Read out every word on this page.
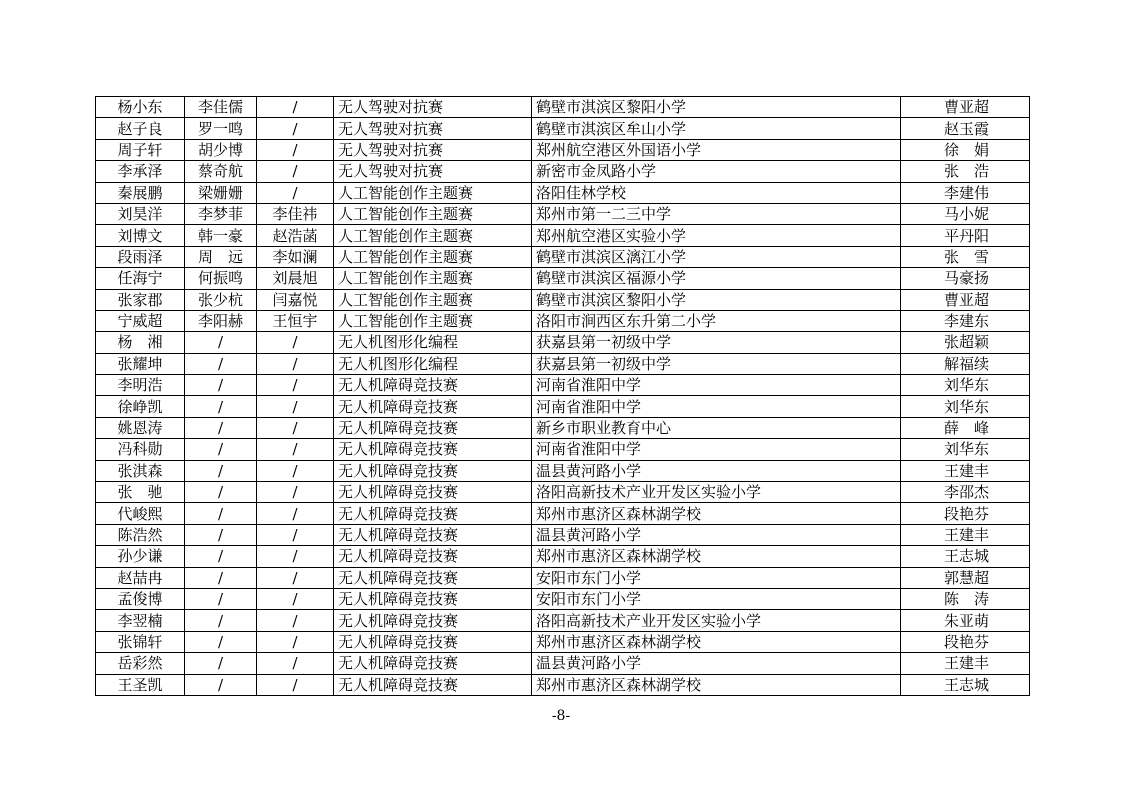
杨小东	李佳儒	/	无人驾驶对抗赛	鹤壁市淇滨区黎阳小学	曹亚超
赵子良	罗一鸣	/	无人驾驶对抗赛	鹤壁市淇滨区牟山小学	赵玉霞
周子轩	胡少博	/	无人驾驶对抗赛	郑州航空港区外国语小学	徐　娟
李承泽	蔡奇航	/	无人驾驶对抗赛	新密市金凤路小学	张　浩
秦展鹏	梁姗姗	/	人工智能创作主题赛	洛阳佳林学校	李建伟
刘昊洋	李梦菲	李佳祎	人工智能创作主题赛	郑州市第一二三中学	马小妮
刘博文	韩一豪	赵浩菡	人工智能创作主题赛	郑州航空港区实验小学	平丹阳
段雨泽	周　远	李如澜	人工智能创作主题赛	鹤壁市淇滨区漓江小学	张　雪
任海宁	何振鸣	刘晨旭	人工智能创作主题赛	鹤壁市淇滨区福源小学	马豪扬
张家郡	张少杭	闫嘉悦	人工智能创作主题赛	鹤壁市淇滨区黎阳小学	曹亚超
宁威超	李阳赫	王恒宇	人工智能创作主题赛	洛阳市涧西区东升第二小学	李建东
杨　湘	/	/	无人机图形化编程	获嘉县第一初级中学	张超颖
张耀坤	/	/	无人机图形化编程	获嘉县第一初级中学	解福续
李明浩	/	/	无人机障碍竞技赛	河南省淮阳中学	刘华东
徐峥凯	/	/	无人机障碍竞技赛	河南省淮阳中学	刘华东
姚恩涛	/	/	无人机障碍竞技赛	新乡市职业教育中心	薛　峰
冯科勋	/	/	无人机障碍竞技赛	河南省淮阳中学	刘华东
张淇森	/	/	无人机障碍竞技赛	温县黄河路小学	王建丰
张　驰	/	/	无人机障碍竞技赛	洛阳高新技术产业开发区实验小学	李邵杰
代峻熙	/	/	无人机障碍竞技赛	郑州市惠济区森林湖学校	段艳芬
陈浩然	/	/	无人机障碍竞技赛	温县黄河路小学	王建丰
孙少谦	/	/	无人机障碍竞技赛	郑州市惠济区森林湖学校	王志城
赵喆冉	/	/	无人机障碍竞技赛	安阳市东门小学	郭慧超
孟俊博	/	/	无人机障碍竞技赛	安阳市东门小学	陈　涛
李翌楠	/	/	无人机障碍竞技赛	洛阳高新技术产业开发区实验小学	朱亚萌
张锦轩	/	/	无人机障碍竞技赛	郑州市惠济区森林湖学校	段艳芬
岳彩然	/	/	无人机障碍竞技赛	温县黄河路小学	王建丰
王圣凯	/	/	无人机障碍竞技赛	郑州市惠济区森林湖学校	王志城
-8-
